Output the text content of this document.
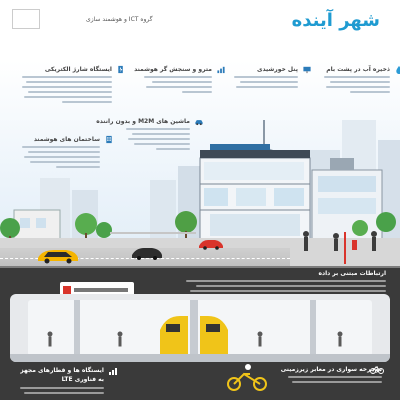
شهر آینده
گروه ICT و هوشمند سازی
ذخیره آب در پشت بام
پنل خورشیدی
مترو و سنجش گر هوشمند
ایستگاه شارژ الکتریکی
ساختمان های هوشمند
ماشین های M2M و بدون راننده
ارتباطات مبتنی بر داده
ایستگاه ها و قطارهای مجهز به فناوری LTE
دوچرخه سواری در معابر زیرزمینی
